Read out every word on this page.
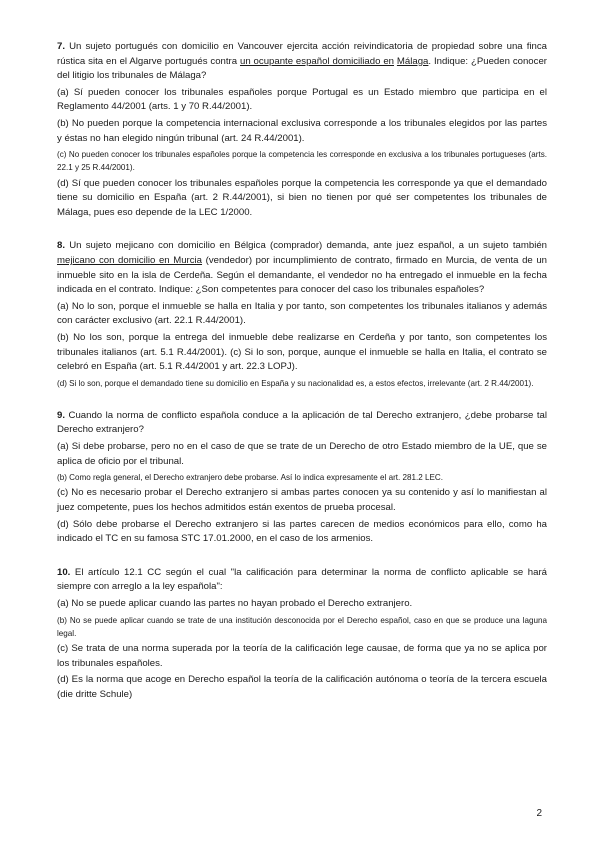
7. Un sujeto portugués con domicilio en Vancouver ejercita acción reivindicatoria de propiedad sobre una finca rústica sita en el Algarve portugués contra un ocupante español domiciliado en Málaga. Indique: ¿Pueden conocer del litigio los tribunales de Málaga?

(a) Sí pueden conocer los tribunales españoles porque Portugal es un Estado miembro que participa en el Reglamento 44/2001 (arts. 1 y 70 R.44/2001).

(b) No pueden porque la competencia internacional exclusiva corresponde a los tribunales elegidos por las partes y éstas no han elegido ningún tribunal (art. 24 R.44/2001).

(c) No pueden conocer los tribunales españoles porque la competencia les corresponde en exclusiva a los tribunales portugueses (arts. 22.1 y 25 R.44/2001).

(d) Sí que pueden conocer los tribunales españoles porque la competencia les corresponde ya que el demandado tiene su domicilio en España (art. 2 R.44/2001), si bien no tienen por qué ser competentes los tribunales de Málaga, pues eso depende de la LEC 1/2000.

8. Un sujeto mejicano con domicilio en Bélgica (comprador) demanda, ante juez español, a un sujeto también mejicano con domicilio en Murcia (vendedor) por incumplimiento de contrato, firmado en Murcia, de venta de un inmueble sito en la isla de Cerdeña. Según el demandante, el vendedor no ha entregado el inmueble en la fecha indicada en el contrato. Indique: ¿Son competentes para conocer del caso los tribunales españoles?

(a) No lo son, porque el inmueble se halla en Italia y por tanto, son competentes los tribunales italianos y además con carácter exclusivo (art. 22.1 R.44/2001).

(b) No los son, porque la entrega del inmueble debe realizarse en Cerdeña y por tanto, son competentes los tribunales italianos (art. 5.1 R.44/2001). (c) Si lo son, porque, aunque el inmueble se halla en Italia, el contrato se celebró en España (art. 5.1 R.44/2001 y art. 22.3 LOPJ).

(d) Si lo son, porque el demandado tiene su domicilio en España y su nacionalidad es, a estos efectos, irrelevante (art. 2 R.44/2001).

9. Cuando la norma de conflicto española conduce a la aplicación de tal Derecho extranjero, ¿debe probarse tal Derecho extranjero?

(a) Si debe probarse, pero no en el caso de que se trate de un Derecho de otro Estado miembro de la UE, que se aplica de oficio por el tribunal.

(b) Como regla general, el Derecho extranjero debe probarse. Así lo indica expresamente el art. 281.2 LEC.

(c) No es necesario probar el Derecho extranjero si ambas partes conocen ya su contenido y así lo manifiestan al juez competente, pues los hechos admitidos están exentos de prueba procesal.

(d) Sólo debe probarse el Derecho extranjero si las partes carecen de medios económicos para ello, como ha indicado el TC en su famosa STC 17.01.2000, en el caso de los armenios.

10. El artículo 12.1 CC según el cual "la calificación para determinar la norma de conflicto aplicable se hará siempre con arreglo a la ley española":

(a) No se puede aplicar cuando las partes no hayan probado el Derecho extranjero.

(b) No se puede aplicar cuando se trate de una institución desconocida por el Derecho español, caso en que se produce una laguna legal.

(c) Se trata de una norma superada por la teoría de la calificación lege causae, de forma que ya no se aplica por los tribunales españoles.

(d) Es la norma que acoge en Derecho español la teoría de la calificación autónoma o teoría de la tercera escuela (die dritte Schule)

2
